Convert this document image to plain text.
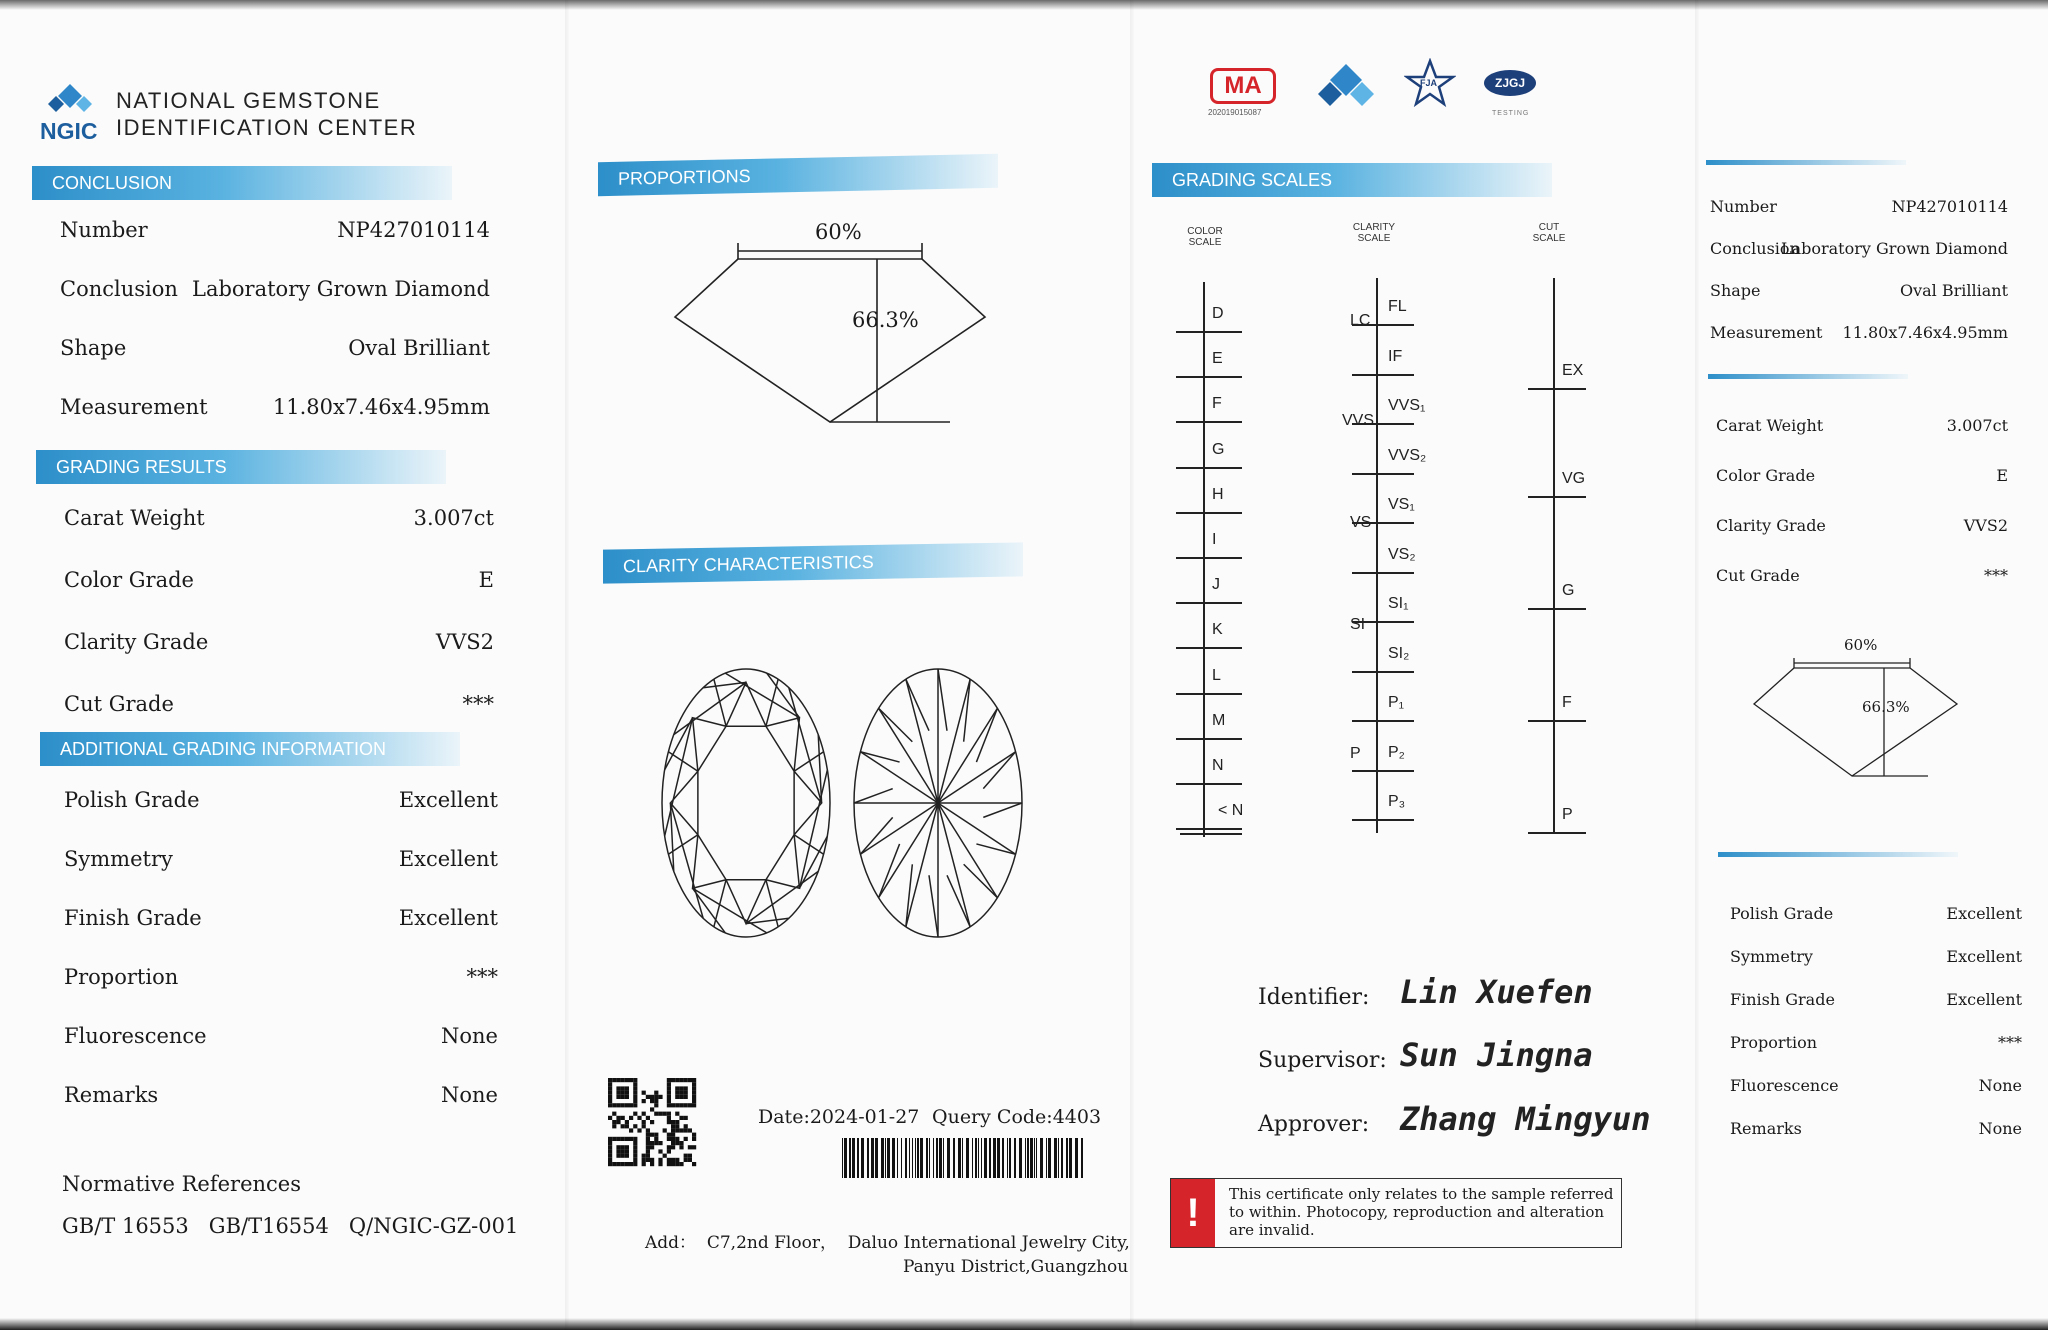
NGIC
NATIONAL GEMSTONE
IDENTIFICATION CENTER
CONCLUSION
Number	NP427010114
Conclusion Laboratory Grown Diamond
Shape	Oval Brilliant
Measurement	11.80x7.46x4.95mm
GRADING RESULTS
Carat Weight	3.007ct
Color Grade	E
Clarity Grade	VVS2
Cut Grade	***
ADDITIONAL GRADING INFORMATION
Polish Grade	Excellent
Symmetry	Excellent
Finish Grade	Excellent
Proportion	***
Fluorescence	None
Remarks	None
Normative References
GB/T 16553   GB/T16554   Q/NGIC-GZ-001
PROPORTIONS
60%
66.3%
CLARITY CHARACTERISTICS
Date:2024-01-27 Query Code:4403
Add：  C7,2nd Floor，  Daluo International Jewelry City,
Panyu District,Guangzhou
MA
202019015087
FJA	ZJGJ
TESTING
GRADING SCALES
COLOR
SCALE
CLARITY
SCALE
CUT
SCALE
D
E
F
G
H
I
J
K
L
M
N
< N
FL
IF
VVS₁
VVS₂
VS₁
VS₂
SI₁
SI₂
P₁
P₂
P₃
LC
VVS
VS
SI
P
EX
VG
G
F
P
Identifier: Lin Xuefen
Supervisor: Sun Jingna
Approver: Zhang Mingyun
!	This certificate only relates to the sample referred to within. Photocopy, reproduction and alteration are invalid.
Number	NP427010114
Conclusion
Laboratory Grown Diamond
Shape	Oval Brilliant
Measurement 11.80x7.46x4.95mm
Carat Weight	3.007ct
Color Grade	E
Clarity Grade	VVS2
Cut Grade	***
60%
66.3%
Polish Grade	Excellent
Symmetry	Excellent
Finish Grade	Excellent
Proportion	***
Fluorescence	None
Remarks	None
